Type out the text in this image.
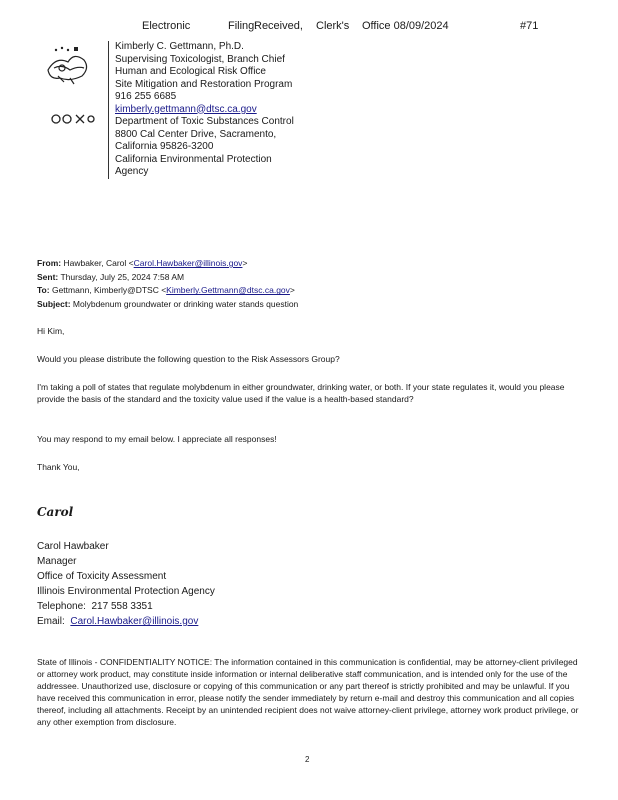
Electronic	Filing:
Received, Clerk's Office 08/09/2024	#71
Kimberly C. Gettmann, Ph.D.
Supervising Toxicologist, Branch Chief
Human and Ecological Risk Office
Site Mitigation and Restoration Program
916 255 6685
kimberly.gettmann@dtsc.ca.gov
Department of Toxic Substances Control
8800 Cal Center Drive, Sacramento,
California 95826-3200
California Environmental Protection
Agency
From: Hawbaker, Carol <Carol.Hawbaker@illinois.gov>
Sent: Thursday, July 25, 2024 7:58 AM
To: Gettmann, Kimberly@DTSC <Kimberly.Gettmann@dtsc.ca.gov>
Subject: Molybdenum groundwater or drinking water stands question
Hi Kim,
Would you please distribute the following question to the Risk Assessors Group?
I'm taking a poll of states that regulate molybdenum in either groundwater, drinking water, or both. If your state regulates it, would you please provide the basis of the standard and the toxicity value used if the value is a health-based standard?
You may respond to my email below. I appreciate all responses!
Thank You,
Carol
Carol Hawbaker
Manager
Office of Toxicity Assessment
Illinois Environmental Protection Agency
Telephone: 217 558 3351
Email: Carol.Hawbaker@illinois.gov
State of Illinois - CONFIDENTIALITY NOTICE: The information contained in this communication is confidential, may be attorney-client privileged or attorney work product, may constitute inside information or internal deliberative staff communication, and is intended only for the use of the addressee. Unauthorized use, disclosure or copying of this communication or any part thereof is strictly prohibited and may be unlawful. If you have received this communication in error, please notify the sender immediately by return e-mail and destroy this communication and all copies thereof, including all attachments. Receipt by an unintended recipient does not waive attorney-client privilege, attorney work product privilege, or any other exemption from disclosure.
2
